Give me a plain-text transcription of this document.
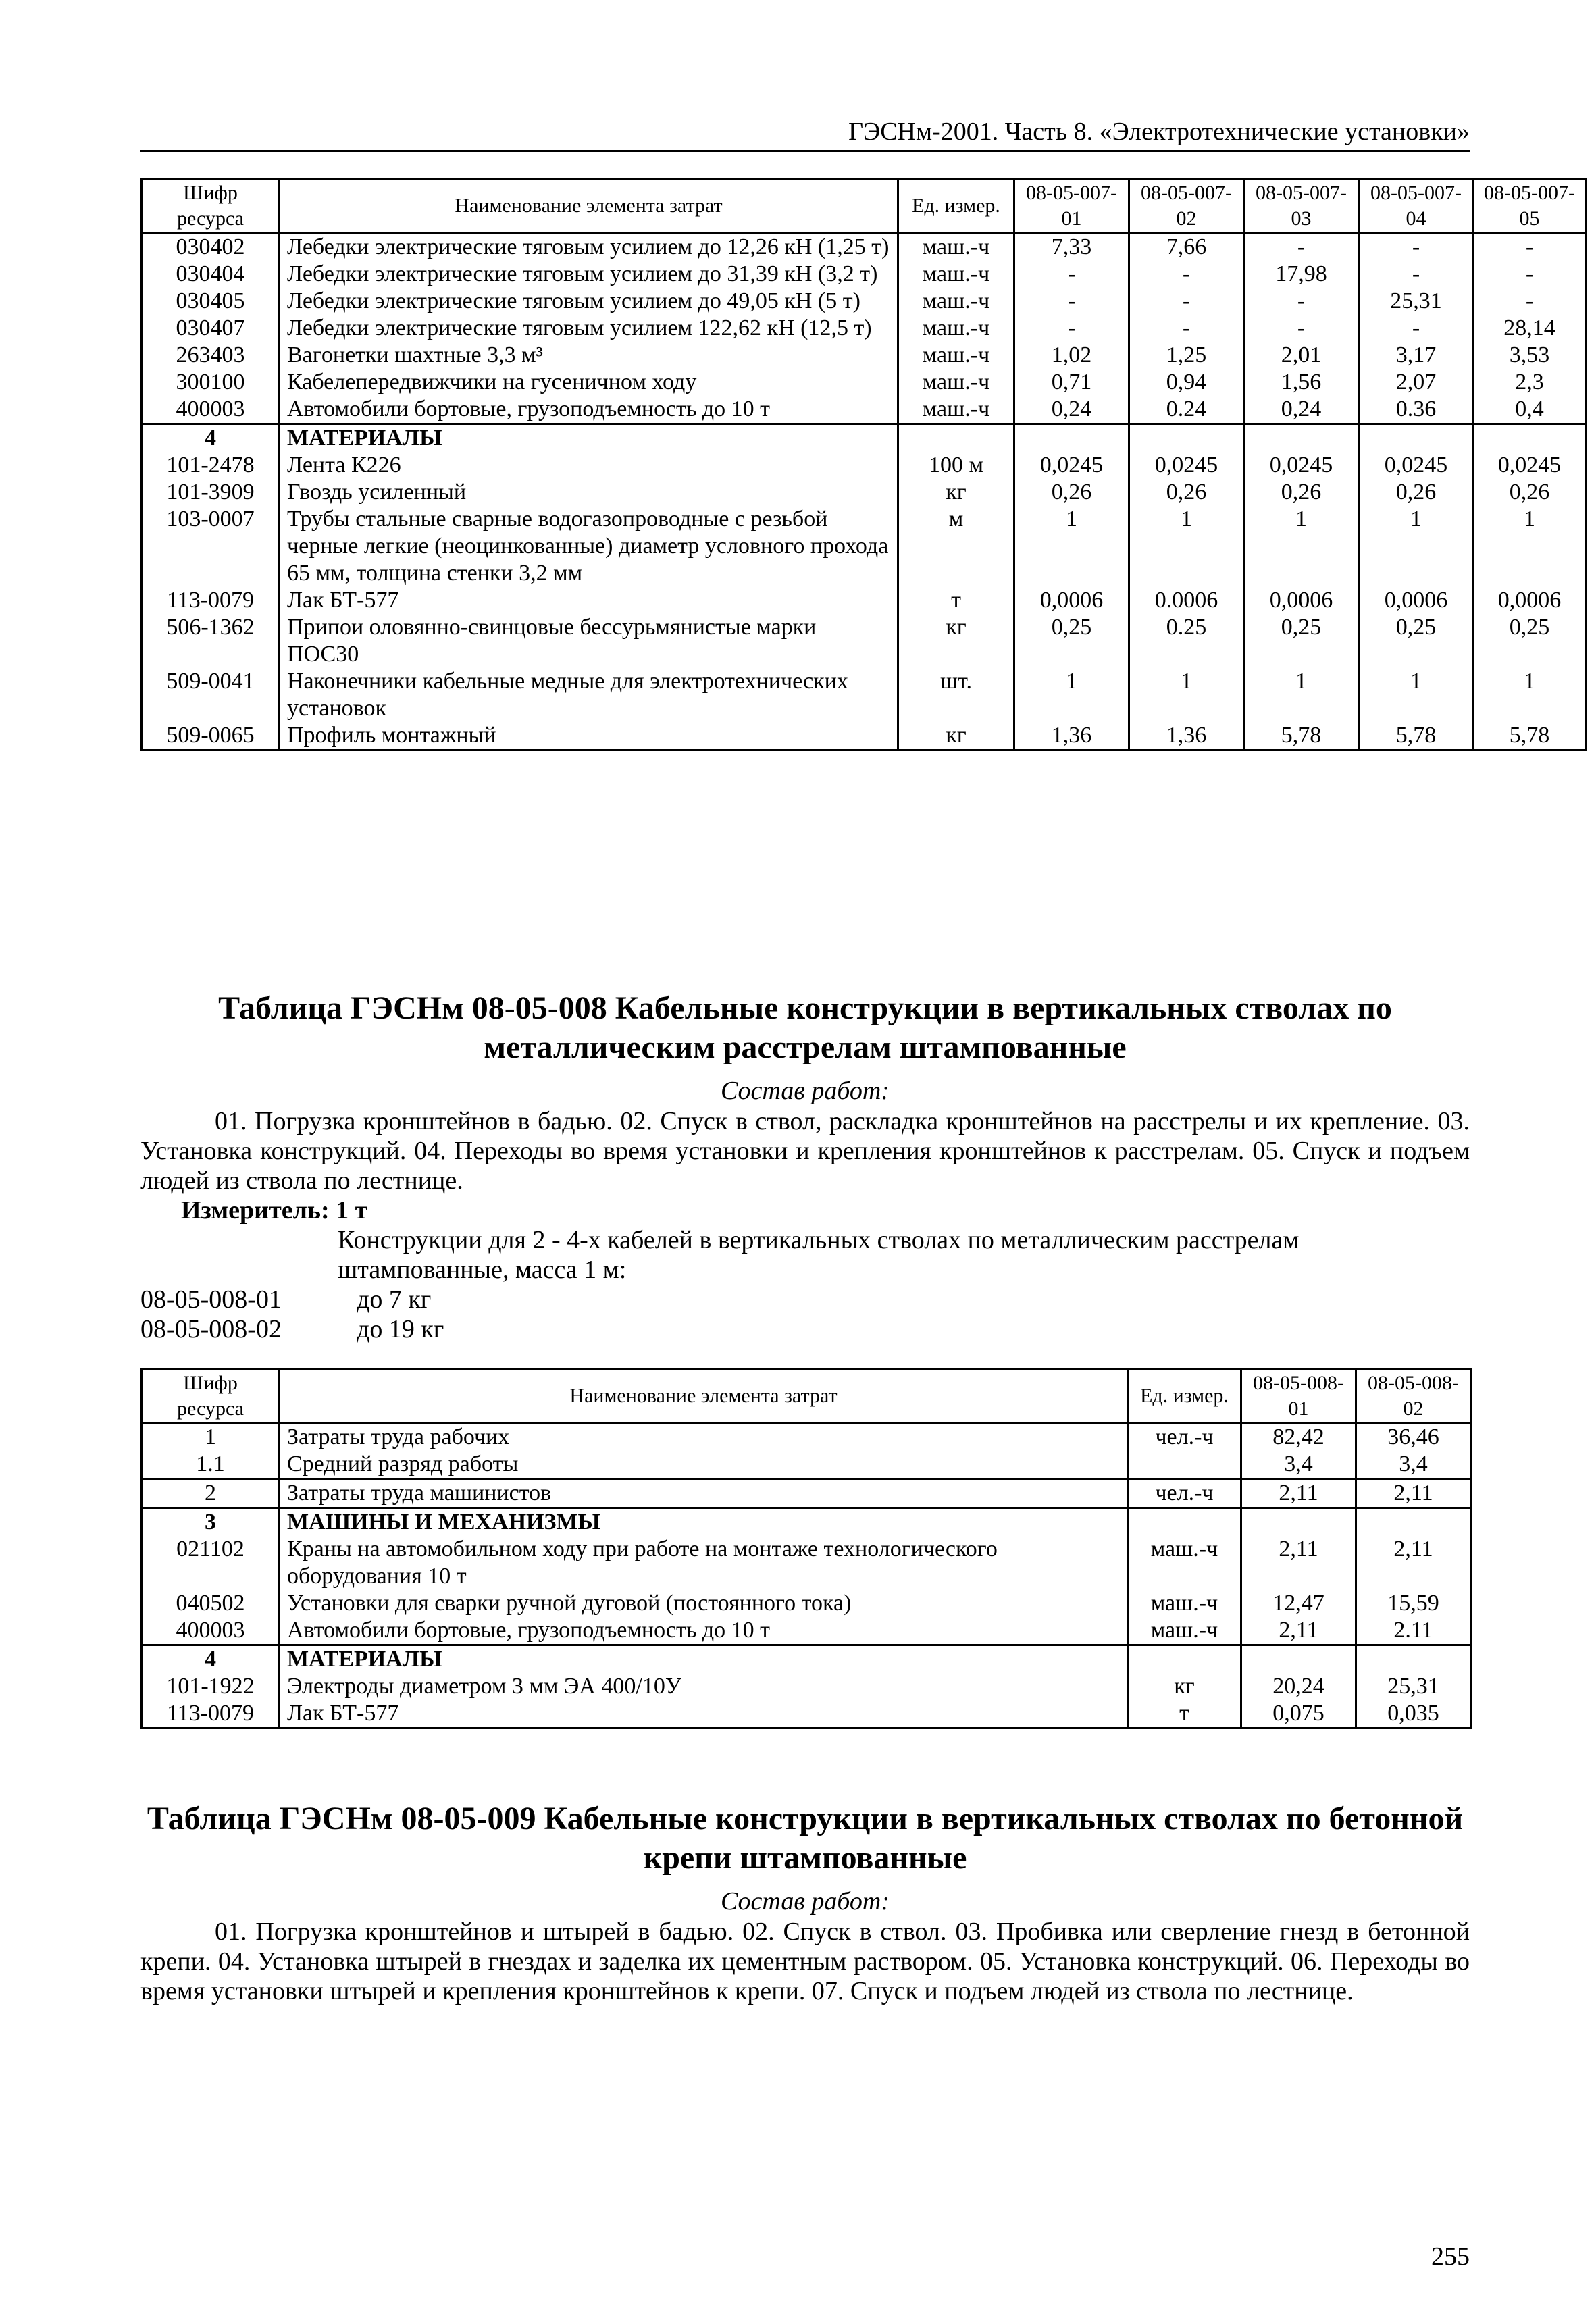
ГЭСНм-2001. Часть 8. «Электротехнические установки»
Шифр ресурса	Наименование элемента затрат	Ед. измер.	08-05-007-01	08-05-007-02	08-05-007-03	08-05-007-04	08-05-007-05
030402	Лебедки электрические тяговым усилием до 12,26 кН (1,25 т)	маш.-ч	7,33	7,66	-	-	-
030404	Лебедки электрические тяговым усилием до 31,39 кН (3,2 т)	маш.-ч	-	-	17,98	-	-
030405	Лебедки электрические тяговым усилием до 49,05 кН (5 т)	маш.-ч	-	-	-	25,31	-
030407	Лебедки электрические тяговым усилием 122,62 кН (12,5 т)	маш.-ч	-	-	-	-	28,14
263403	Вагонетки шахтные 3,3 м³	маш.-ч	1,02	1,25	2,01	3,17	3,53
300100	Кабелепередвижчики на гусеничном ходу	маш.-ч	0,71	0,94	1,56	2,07	2,3
400003	Автомобили бортовые, грузоподъемность до 10 т	маш.-ч	0,24	0.24	0,24	0.36	0,4
4	МАТЕРИАЛЫ						
101-2478	Лента К226	100 м	0,0245	0,0245	0,0245	0,0245	0,0245
101-3909	Гвоздь усиленный	кг	0,26	0,26	0,26	0,26	0,26
103-0007	Трубы стальные сварные водогазопроводные с резьбой черные легкие (неоцинкованные) диаметр условного прохода 65 мм, толщина стенки 3,2 мм	м	1	1	1	1	1
113-0079	Лак БТ-577	т	0,0006	0.0006	0,0006	0,0006	0,0006
506-1362	Припои оловянно-свинцовые бессурьмянистые марки ПОС30	кг	0,25	0.25	0,25	0,25	0,25
509-0041	Наконечники кабельные медные для электротехнических установок	шт.	1	1	1	1	1
509-0065	Профиль монтажный	кг	1,36	1,36	5,78	5,78	5,78
Таблица ГЭСНм 08-05-008 Кабельные конструкции в вертикальных стволах по металлическим расстрелам штампованные
Состав работ:
01. Погрузка кронштейнов в бадью. 02. Спуск в ствол, раскладка кронштейнов на расстрелы и их крепление. 03. Установка конструкций. 04. Переходы во время установки и крепления кронштейнов к расстрелам. 05. Спуск и подъем людей из ствола по лестнице.
Измеритель: 1 т
Конструкции для 2 - 4-х кабелей в вертикальных стволах по металлическим расстрелам штампованные, масса 1 м:
08-05-008-01	до 7 кг
08-05-008-02	до 19 кг
Шифр ресурса	Наименование элемента затрат	Ед. измер.	08-05-008-01	08-05-008-02
1	Затраты труда рабочих	чел.-ч	82,42	36,46
1.1	Средний разряд работы		3,4	3,4
2	Затраты труда машинистов	чел.-ч	2,11	2,11
3	МАШИНЫ И МЕХАНИЗМЫ			
021102	Краны на автомобильном ходу при работе на монтаже технологического оборудования 10 т	маш.-ч	2,11	2,11
040502	Установки для сварки ручной дуговой (постоянного тока)	маш.-ч	12,47	15,59
400003	Автомобили бортовые, грузоподъемность до 10 т	маш.-ч	2,11	2.11
4	МАТЕРИАЛЫ			
101-1922	Электроды диаметром 3 мм ЭА 400/10У	кг	20,24	25,31
113-0079	Лак БТ-577	т	0,075	0,035
Таблица ГЭСНм 08-05-009 Кабельные конструкции в вертикальных стволах по бетонной крепи штампованные
Состав работ:
01. Погрузка кронштейнов и штырей в бадью. 02. Спуск в ствол. 03. Пробивка или сверление гнезд в бетонной крепи. 04. Установка штырей в гнездах и заделка их цементным раствором. 05. Установка конструкций. 06. Переходы во время установки штырей и крепления кронштейнов к крепи. 07. Спуск и подъем людей из ствола по лестнице.
255
